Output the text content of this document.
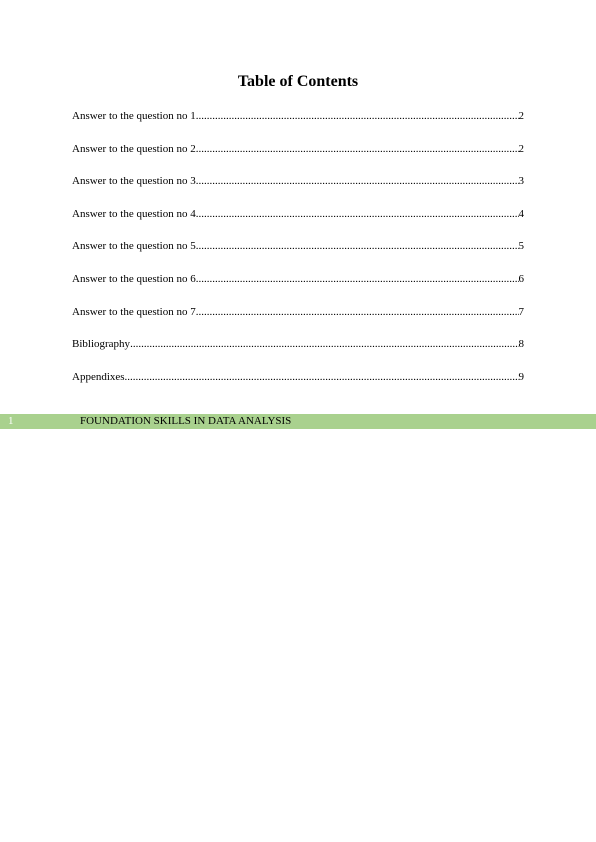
Table of Contents
Answer to the question no 1 .....	2
Answer to the question no 2 .....	2
Answer to the question no 3 .....	3
Answer to the question no 4 .....	4
Answer to the question no 5 .....	5
Answer to the question no 6 .....	6
Answer to the question no 7 .....	7
Bibliography .....	8
Appendixes .....	9
1	FOUNDATION SKILLS IN DATA ANALYSIS
